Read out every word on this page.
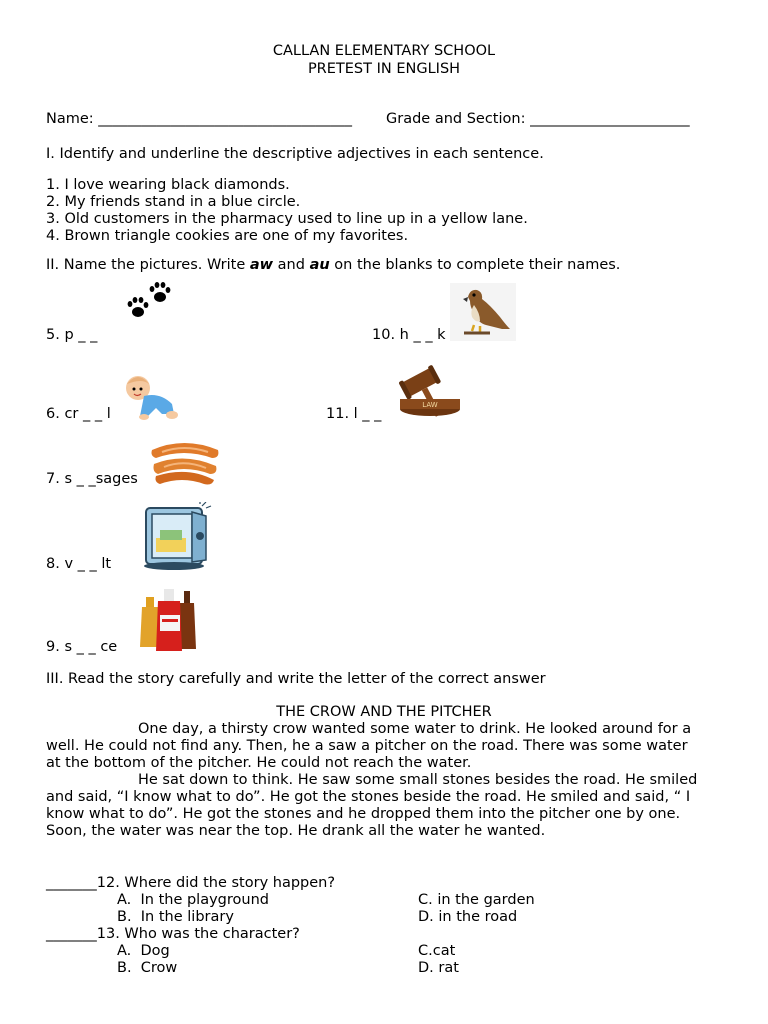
CALLAN ELEMENTARY SCHOOL
PRETEST IN ENGLISH
Name: ___________________________________ Grade and Section: ______________________
I. Identify and underline the descriptive adjectives in each sentence.
1. I love wearing black diamonds.
2. My friends stand in a blue circle.
3. Old customers in the pharmacy used to line up in a yellow lane.
4. Brown triangle cookies are one of my favorites.
II. Name the pictures. Write aw and au on the blanks to complete their names.
5. p _ _	10. h _ _ k
LAW
6. cr _ _ l	11. l _ _
7. s _ _sages
8. v _ _ lt
9. s _ _ ce
III. Read the story carefully and write the letter of the correct answer
THE CROW AND THE PITCHER
One day, a thirsty crow wanted some water to drink. He looked around for a well. He could not find any. Then, he a saw a pitcher on the road. There was some water at the bottom of the pitcher. He could not reach the water.
He sat down to think. He saw some small stones besides the road. He smiled and said, “I know what to do”. He got the stones beside the road. He smiled and said, “ I know what to do”. He got the stones and he dropped them into the pitcher one by one. Soon, the water was near the top. He drank all the water he wanted.
_______12. Where did the story happen?
A.  In the playground	C. in the garden
B.  In the library	D. in the road
_______13. Who was the character?
A.  Dog	C.cat
B.  Crow	D. rat
